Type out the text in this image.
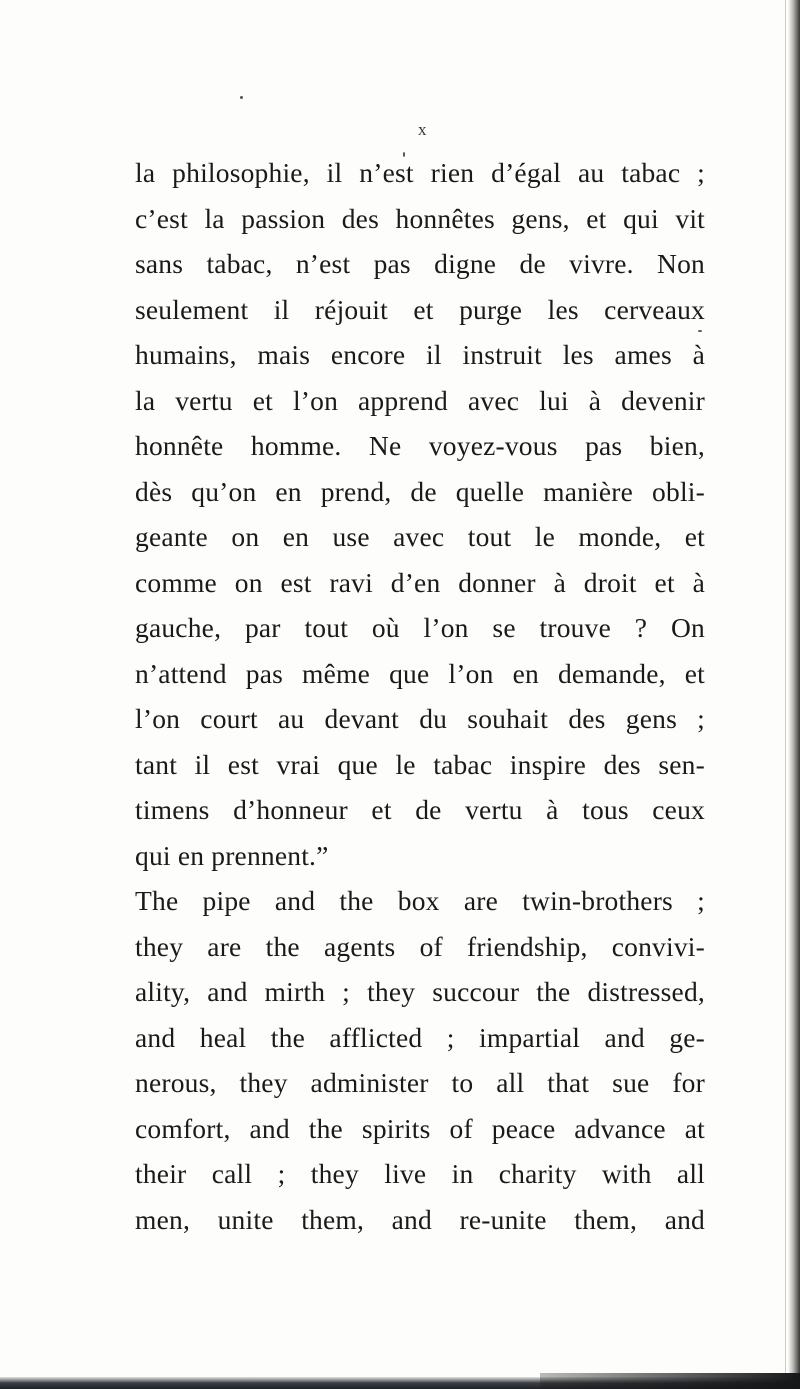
x
la philosophie, il n’est rien d’égal au tabac ;
c’est la passion des honnêtes gens, et qui vit
sans tabac, n’est pas digne de vivre. Non
seulement il réjouit et purge les cerveaux
humains, mais encore il instruit les ames à
la vertu et l’on apprend avec lui à devenir
honnête homme. Ne voyez-vous pas bien,
dès qu’on en prend, de quelle manière obli-
geante on en use avec tout le monde, et
comme on est ravi d’en donner à droit et à
gauche, par tout où l’on se trouve ? On
n’attend pas même que l’on en demande, et
l’on court au devant du souhait des gens ;
tant il est vrai que le tabac inspire des sen-
timens d’honneur et de vertu à tous ceux
qui en prennent.”
The pipe and the box are twin-brothers ;
they are the agents of friendship, convivi-
ality, and mirth ; they succour the distressed,
and heal the afflicted ; impartial and ge-
nerous, they administer to all that sue for
comfort, and the spirits of peace advance at
their call ; they live in charity with all
men, unite them, and re-unite them, and
